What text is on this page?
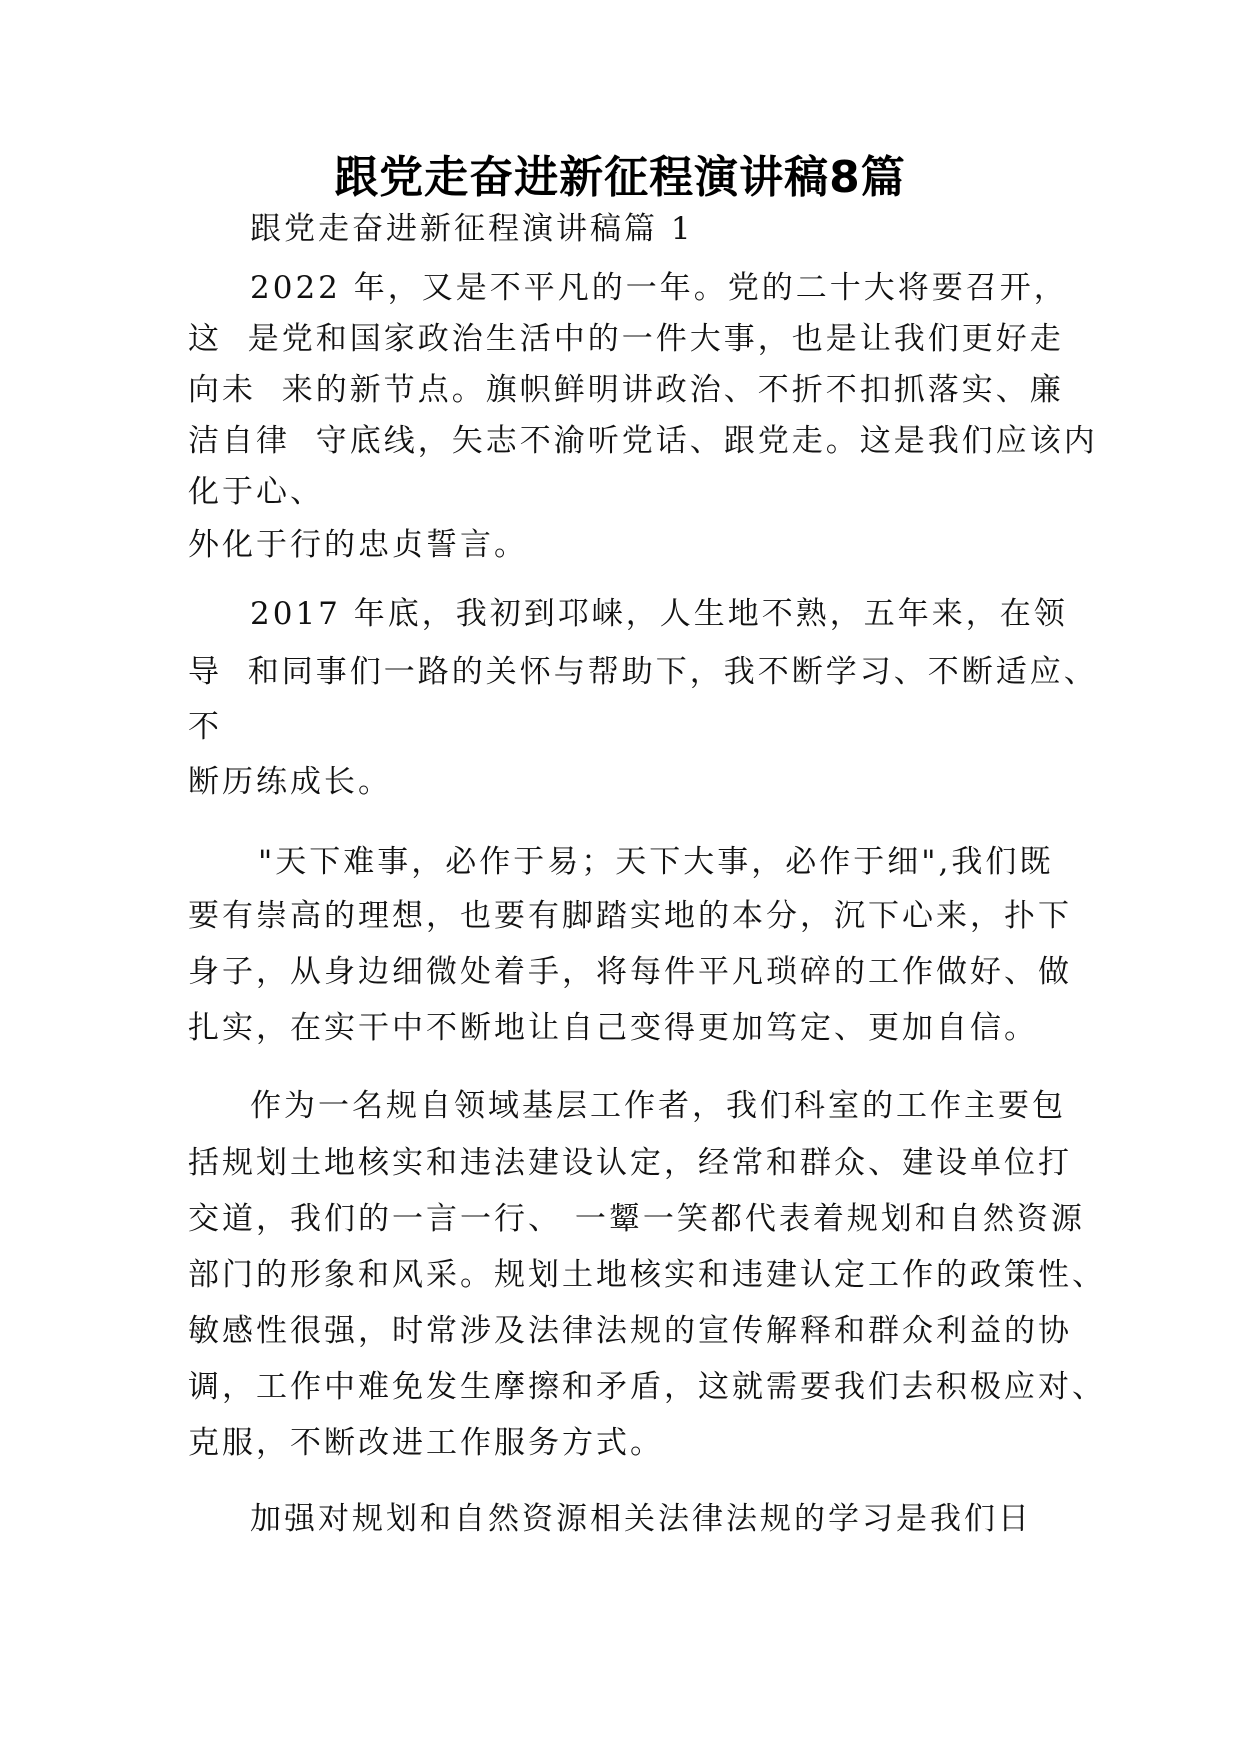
跟党走奋进新征程演讲稿8篇
跟党走奋进新征程演讲稿篇 1
2022 年，又是不平凡的一年。党的二十大将要召开，
这  是党和国家政治生活中的一件大事，也是让我们更好走
向未  来的新节点。旗帜鲜明讲政治、不折不扣抓落实、廉
洁自律  守底线，矢志不渝听党话、跟党走。这是我们应该内
化于心、
外化于行的忠贞誓言。
2017 年底，我初到邛崃，人生地不熟，五年来，在领
导  和同事们一路的关怀与帮助下，我不断学习、不断适应、
不
断历练成长。
"天下难事，必作于易；天下大事，必作于细",我们既
要有崇高的理想，也要有脚踏实地的本分，沉下心来，扑下
身子，从身边细微处着手，将每件平凡琐碎的工作做好、做
扎实，在实干中不断地让自己变得更加笃定、更加自信。
作为一名规自领域基层工作者，我们科室的工作主要包
括规划土地核实和违法建设认定，经常和群众、建设单位打
交道，我们的一言一行、 一颦一笑都代表着规划和自然资源
部门的形象和风采。规划土地核实和违建认定工作的政策性、
敏感性很强，时常涉及法律法规的宣传解释和群众利益的协
调，工作中难免发生摩擦和矛盾，这就需要我们去积极应对、
克服，不断改进工作服务方式。
加强对规划和自然资源相关法律法规的学习是我们日
